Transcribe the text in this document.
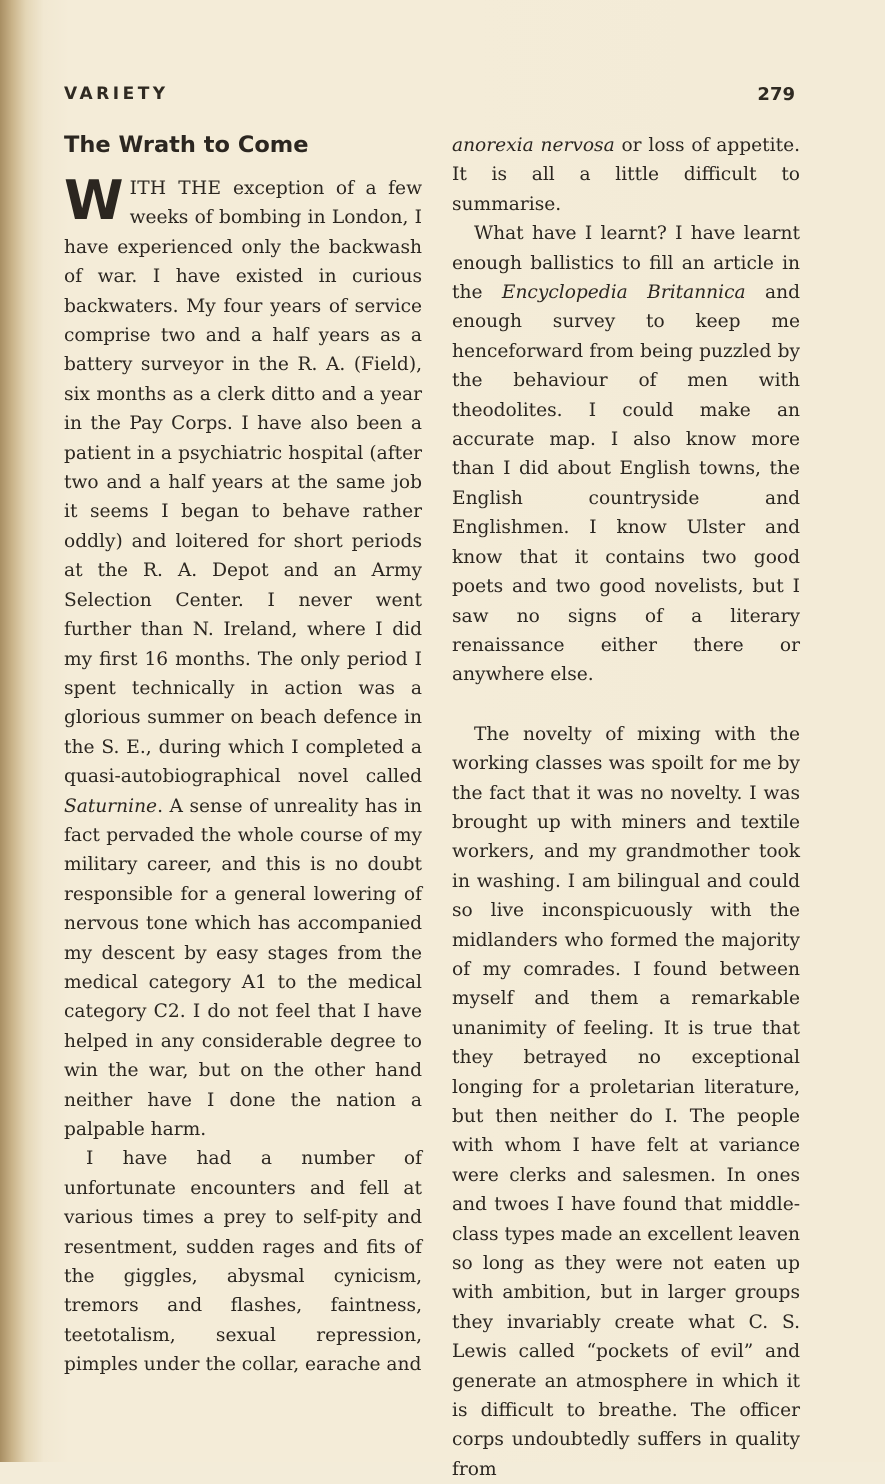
VARIETY	279
The Wrath to Come

WITH THE exception of a few weeks of bombing in London, I have experienced only the backwash of war. I have existed in curious backwaters. My four years of service comprise two and a half years as a battery surveyor in the R. A. (Field), six months as a clerk ditto and a year in the Pay Corps. I have also been a patient in a psychiatric hospital (after two and a half years at the same job it seems I began to behave rather oddly) and loitered for short periods at the R. A. Depot and an Army Selection Center. I never went further than N. Ireland, where I did my first 16 months. The only period I spent technically in action was a glorious summer on beach defence in the S. E., during which I completed a quasi-autobiographical novel called Saturnine. A sense of unreality has in fact pervaded the whole course of my military career, and this is no doubt responsible for a general lowering of nervous tone which has accompanied my descent by easy stages from the medical category A1 to the medical category C2. I do not feel that I have helped in any considerable degree to win the war, but on the other hand neither have I done the nation a palpable harm.

I have had a number of unfortunate encounters and fell at various times a prey to self-pity and resentment, sudden rages and fits of the giggles, abysmal cynicism, tremors and flashes, faintness, teetotalism, sexual repression, pimples under the collar, earache and

anorexia nervosa or loss of appetite. It is all a little difficult to summarise.

What have I learnt? I have learnt enough ballistics to fill an article in the Encyclopedia Britannica and enough survey to keep me henceforward from being puzzled by the behaviour of men with theodolites. I could make an accurate map. I also know more than I did about English towns, the English countryside and Englishmen. I know Ulster and know that it contains two good poets and two good novelists, but I saw no signs of a literary renaissance either there or anywhere else.

The novelty of mixing with the working classes was spoilt for me by the fact that it was no novelty. I was brought up with miners and textile workers, and my grandmother took in washing. I am bilingual and could so live inconspicuously with the midlanders who formed the majority of my comrades. I found between myself and them a remarkable unanimity of feeling. It is true that they betrayed no exceptional longing for a proletarian literature, but then neither do I. The people with whom I have felt at variance were clerks and salesmen. In ones and twoes I have found that middle-class types made an excellent leaven so long as they were not eaten up with ambition, but in larger groups they invariably create what C. S. Lewis called “pockets of evil” and generate an atmosphere in which it is difficult to breathe. The officer corps undoubtedly suffers in quality from
